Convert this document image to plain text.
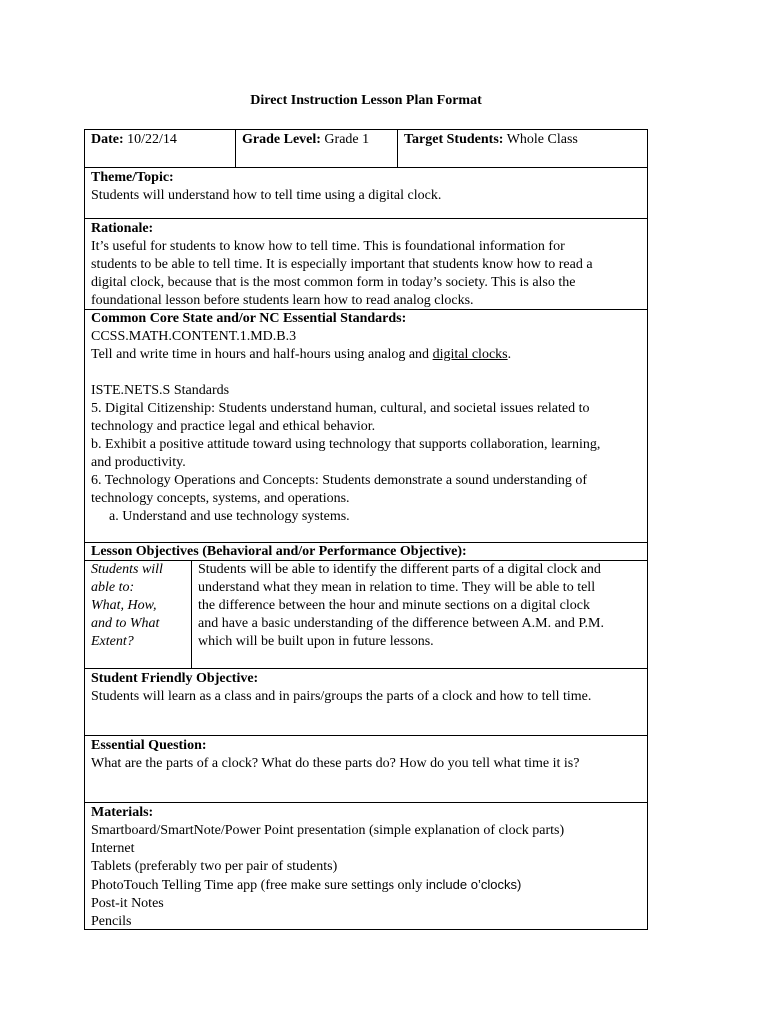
Direct Instruction Lesson Plan Format
Date: 10/22/14	Grade Level: Grade 1	Target Students: Whole Class
Theme/Topic:
Students will understand how to tell time using a digital clock.
Rationale:
It’s useful for students to know how to tell time. This is foundational information for
students to be able to tell time. It is especially important that students know how to read a
digital clock, because that is the most common form in today’s society. This is also the
foundational lesson before students learn how to read analog clocks.
Common Core State and/or NC Essential Standards:
CCSS.MATH.CONTENT.1.MD.B.3
Tell and write time in hours and half-hours using analog and digital clocks.
ISTE.NETS.S Standards
5. Digital Citizenship: Students understand human, cultural, and societal issues related to
technology and practice legal and ethical behavior.
b. Exhibit a positive attitude toward using technology that supports collaboration, learning,
and productivity.
6. Technology Operations and Concepts: Students demonstrate a sound understanding of
technology concepts, systems, and operations.
a. Understand and use technology systems.
Lesson Objectives (Behavioral and/or Performance Objective):
Students will
able to:
What, How,
and to What
Extent?
Students will be able to identify the different parts of a digital clock and
understand what they mean in relation to time. They will be able to tell
the difference between the hour and minute sections on a digital clock
and have a basic understanding of the difference between A.M. and P.M.
which will be built upon in future lessons.
Student Friendly Objective:
Students will learn as a class and in pairs/groups the parts of a clock and how to tell time.
Essential Question:
What are the parts of a clock? What do these parts do? How do you tell what time it is?
Materials:
Smartboard/SmartNote/Power Point presentation (simple explanation of clock parts)
Internet
Tablets (preferably two per pair of students)
PhotoTouch Telling Time app (free make sure settings only include o’clocks)
Post-it Notes
Pencils
